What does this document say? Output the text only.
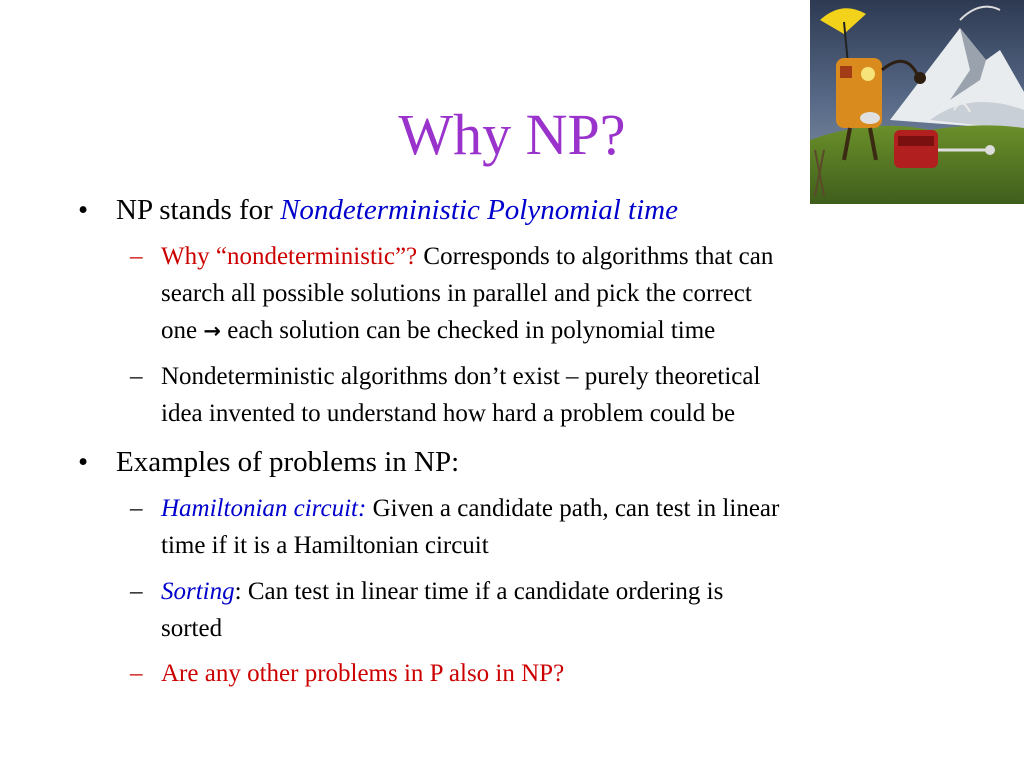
Why NP?
• NP stands for Nondeterministic Polynomial time
– Why “nondeterministic”? Corresponds to algorithms that can
search all possible solutions in parallel and pick the correct
one → each solution can be checked in polynomial time
– Nondeterministic algorithms don’t exist – purely theoretical
idea invented to understand how hard a problem could be
• Examples of problems in NP:
– Hamiltonian circuit: Given a candidate path, can test in linear
time if it is a Hamiltonian circuit
– Sorting: Can test in linear time if a candidate ordering is
sorted
– Are any other problems in P also in NP?
